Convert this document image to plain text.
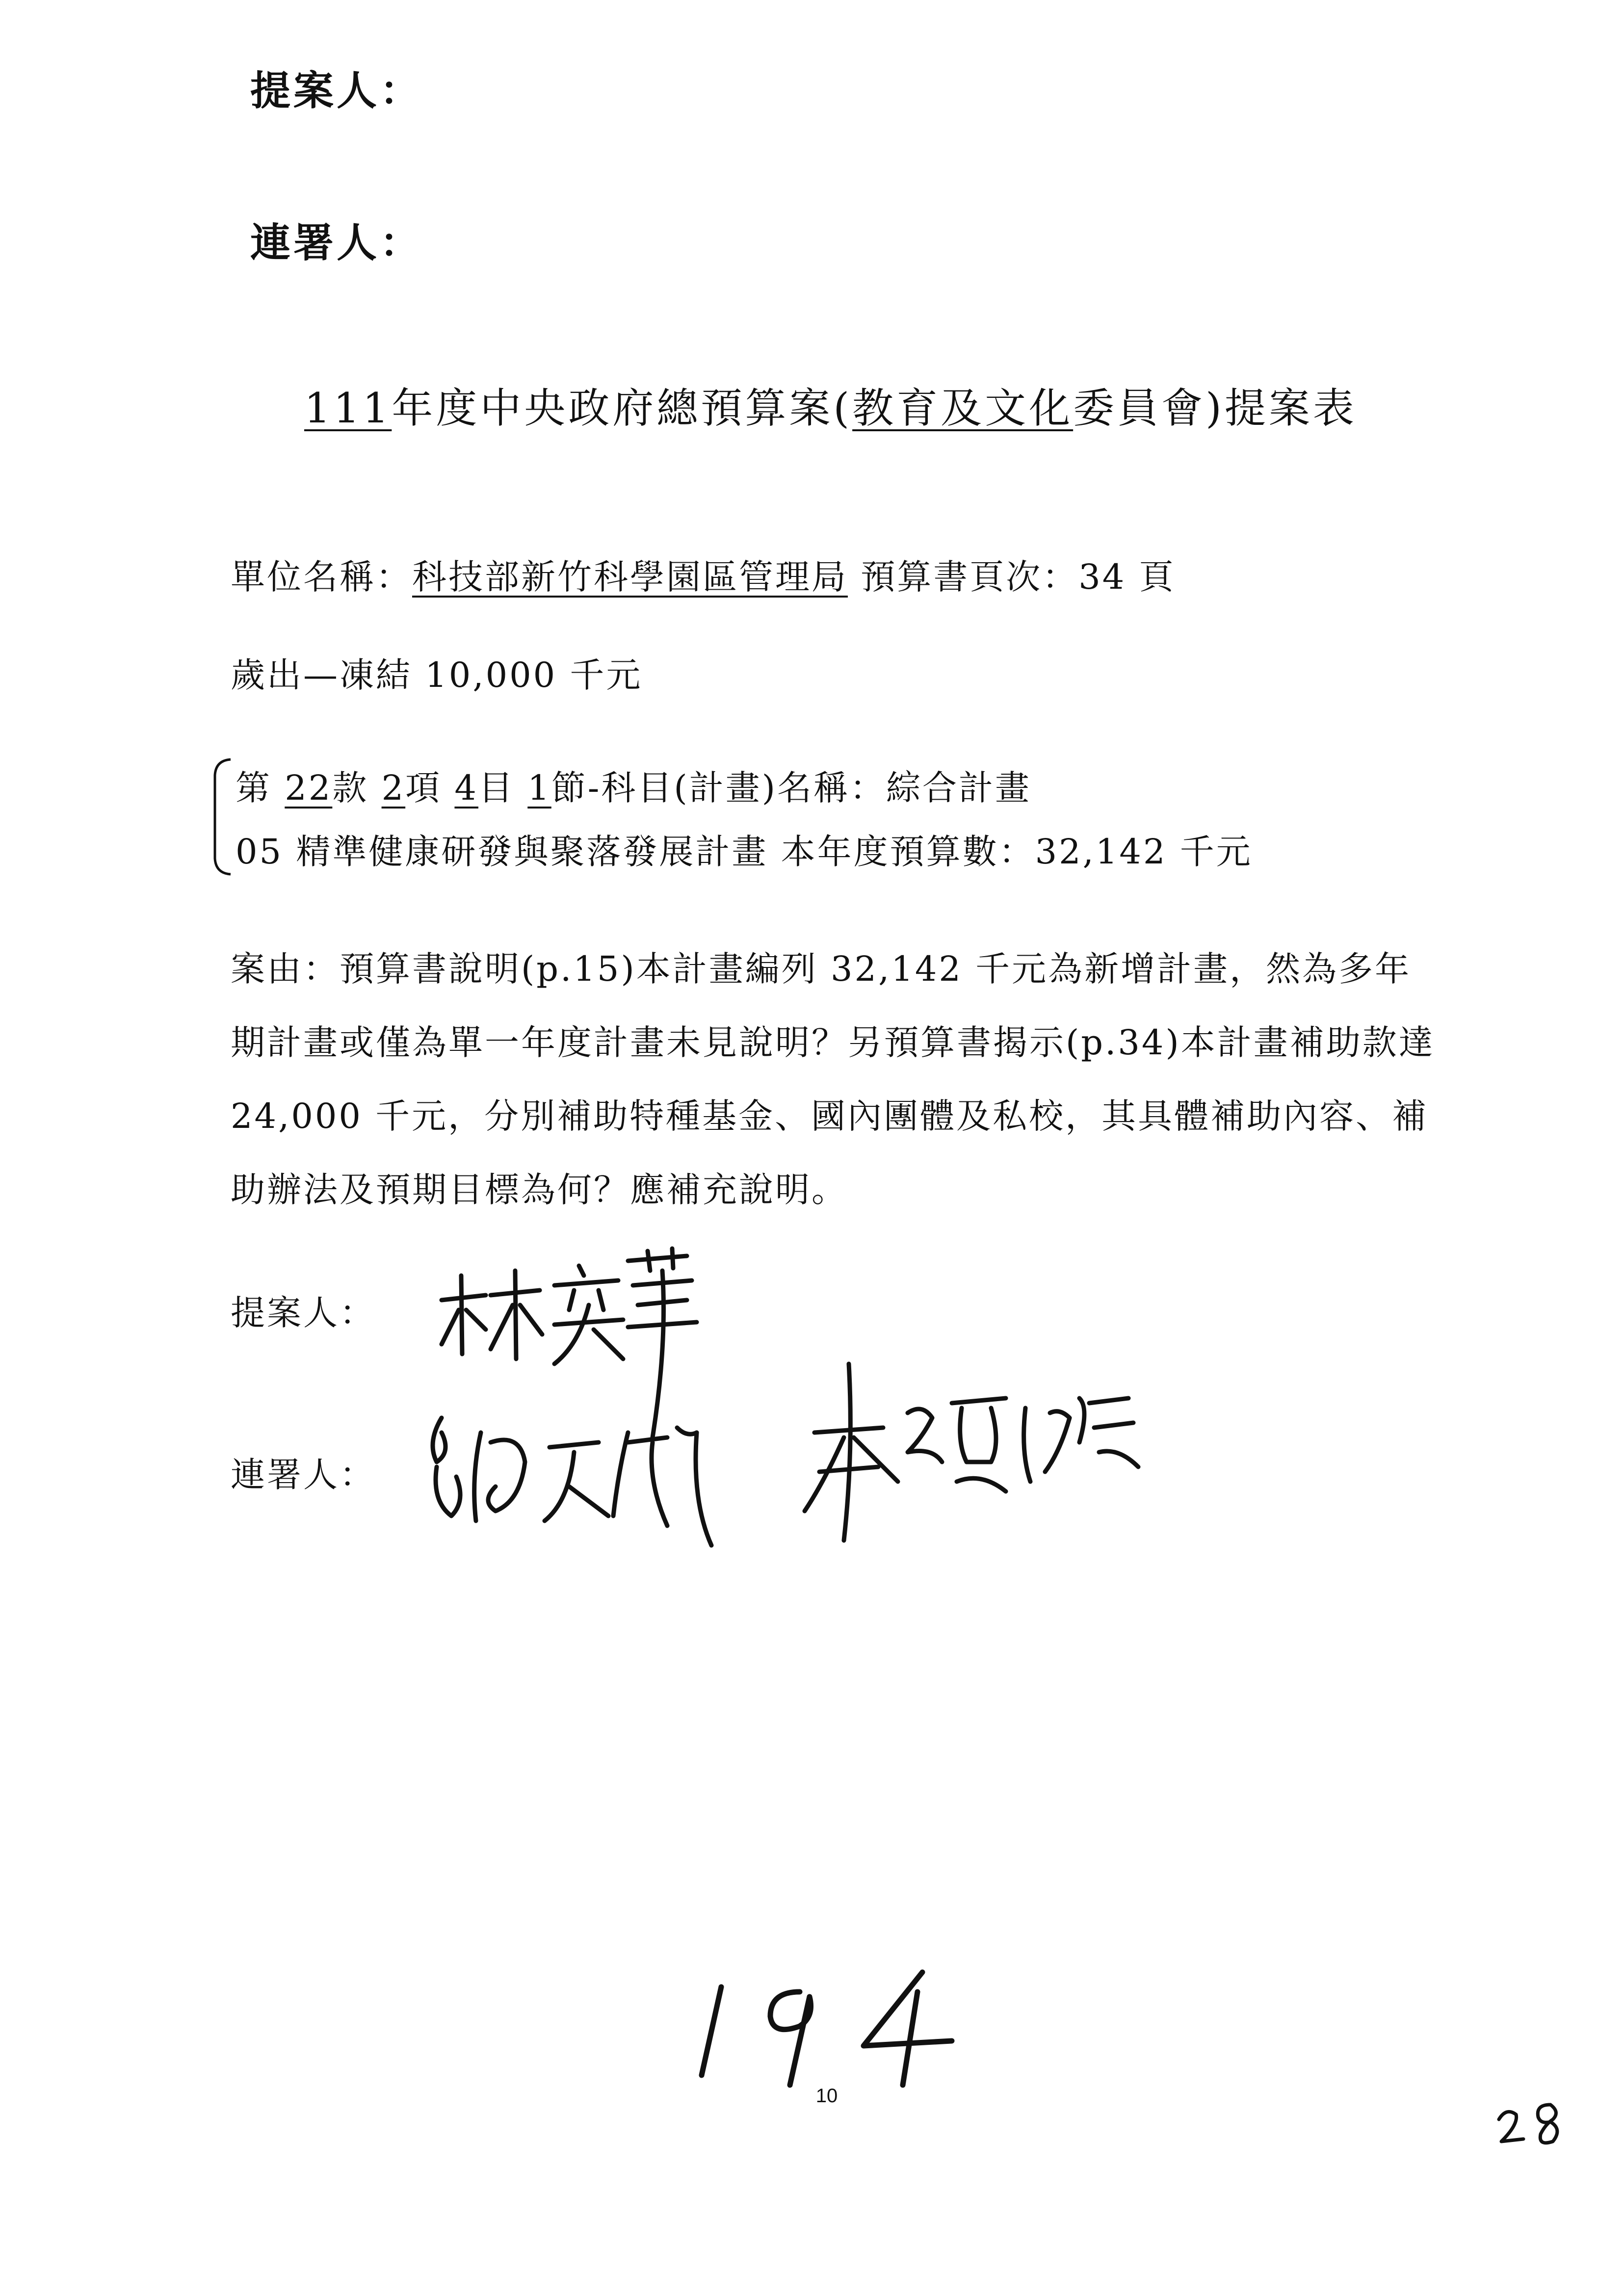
提案人：
連署人：
111年度中央政府總預算案(教育及文化委員會)提案表
單位名稱：科技部新竹科學園區管理局 預算書頁次：34 頁
歲出—凍結 10,000 千元
第 22款 2項 4目 1節-科目(計畫)名稱：綜合計畫
05 精準健康研發與聚落發展計畫 本年度預算數：32,142 千元
案由：預算書說明(p.15)本計畫編列 32,142 千元為新增計畫，然為多年期計畫或僅為單一年度計畫未見說明？另預算書揭示(p.34)本計畫補助款達 24,000 千元，分別補助特種基金、國內團體及私校，其具體補助內容、補助辦法及預期目標為何？應補充說明。
提案人：
連署人：
10
